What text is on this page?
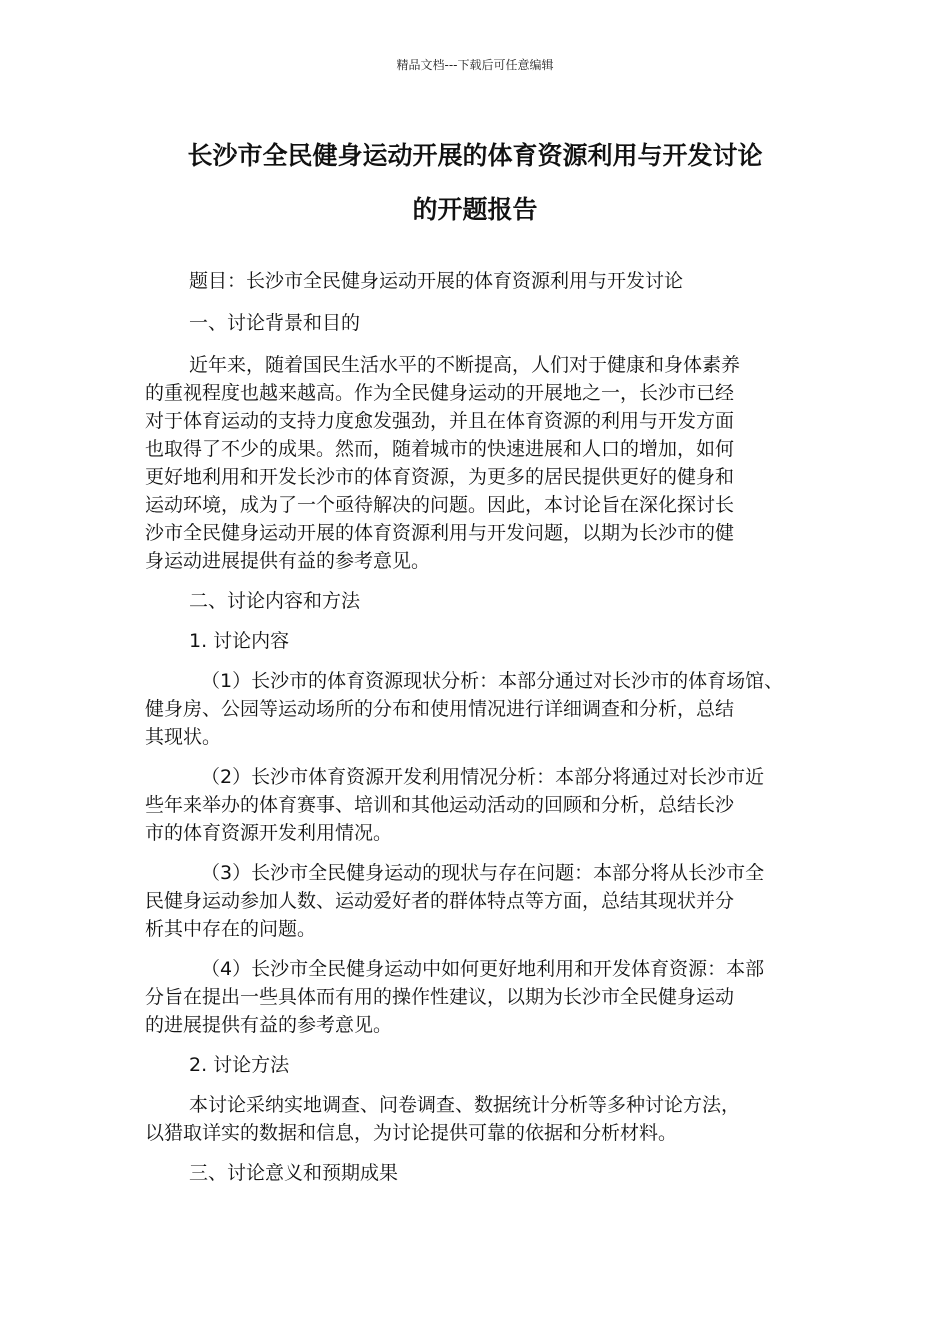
精品文档---下载后可任意编辑
长沙市全民健身运动开展的体育资源利用与开发讨论
的开题报告

题目：长沙市全民健身运动开展的体育资源利用与开发讨论

一、讨论背景和目的

近年来，随着国民生活水平的不断提高，人们对于健康和身体素养

的重视程度也越来越高。作为全民健身运动的开展地之一，长沙市已经

对于体育运动的支持力度愈发强劲，并且在体育资源的利用与开发方面

也取得了不少的成果。然而，随着城市的快速进展和人口的增加，如何

更好地利用和开发长沙市的体育资源，为更多的居民提供更好的健身和

运动环境，成为了一个亟待解决的问题。因此，本讨论旨在深化探讨长

沙市全民健身运动开展的体育资源利用与开发问题，以期为长沙市的健

身运动进展提供有益的参考意见。

二、讨论内容和方法

1. 讨论内容

（1）长沙市的体育资源现状分析：本部分通过对长沙市的体育场馆、

健身房、公园等运动场所的分布和使用情况进行详细调查和分析，总结

其现状。

（2）长沙市体育资源开发利用情况分析：本部分将通过对长沙市近

些年来举办的体育赛事、培训和其他运动活动的回顾和分析，总结长沙

市的体育资源开发利用情况。

（3）长沙市全民健身运动的现状与存在问题：本部分将从长沙市全

民健身运动参加人数、运动爱好者的群体特点等方面，总结其现状并分

析其中存在的问题。

（4）长沙市全民健身运动中如何更好地利用和开发体育资源：本部

分旨在提出一些具体而有用的操作性建议，以期为长沙市全民健身运动

的进展提供有益的参考意见。

2. 讨论方法

本讨论采纳实地调查、问卷调查、数据统计分析等多种讨论方法，

以猎取详实的数据和信息，为讨论提供可靠的依据和分析材料。

三、讨论意义和预期成果
